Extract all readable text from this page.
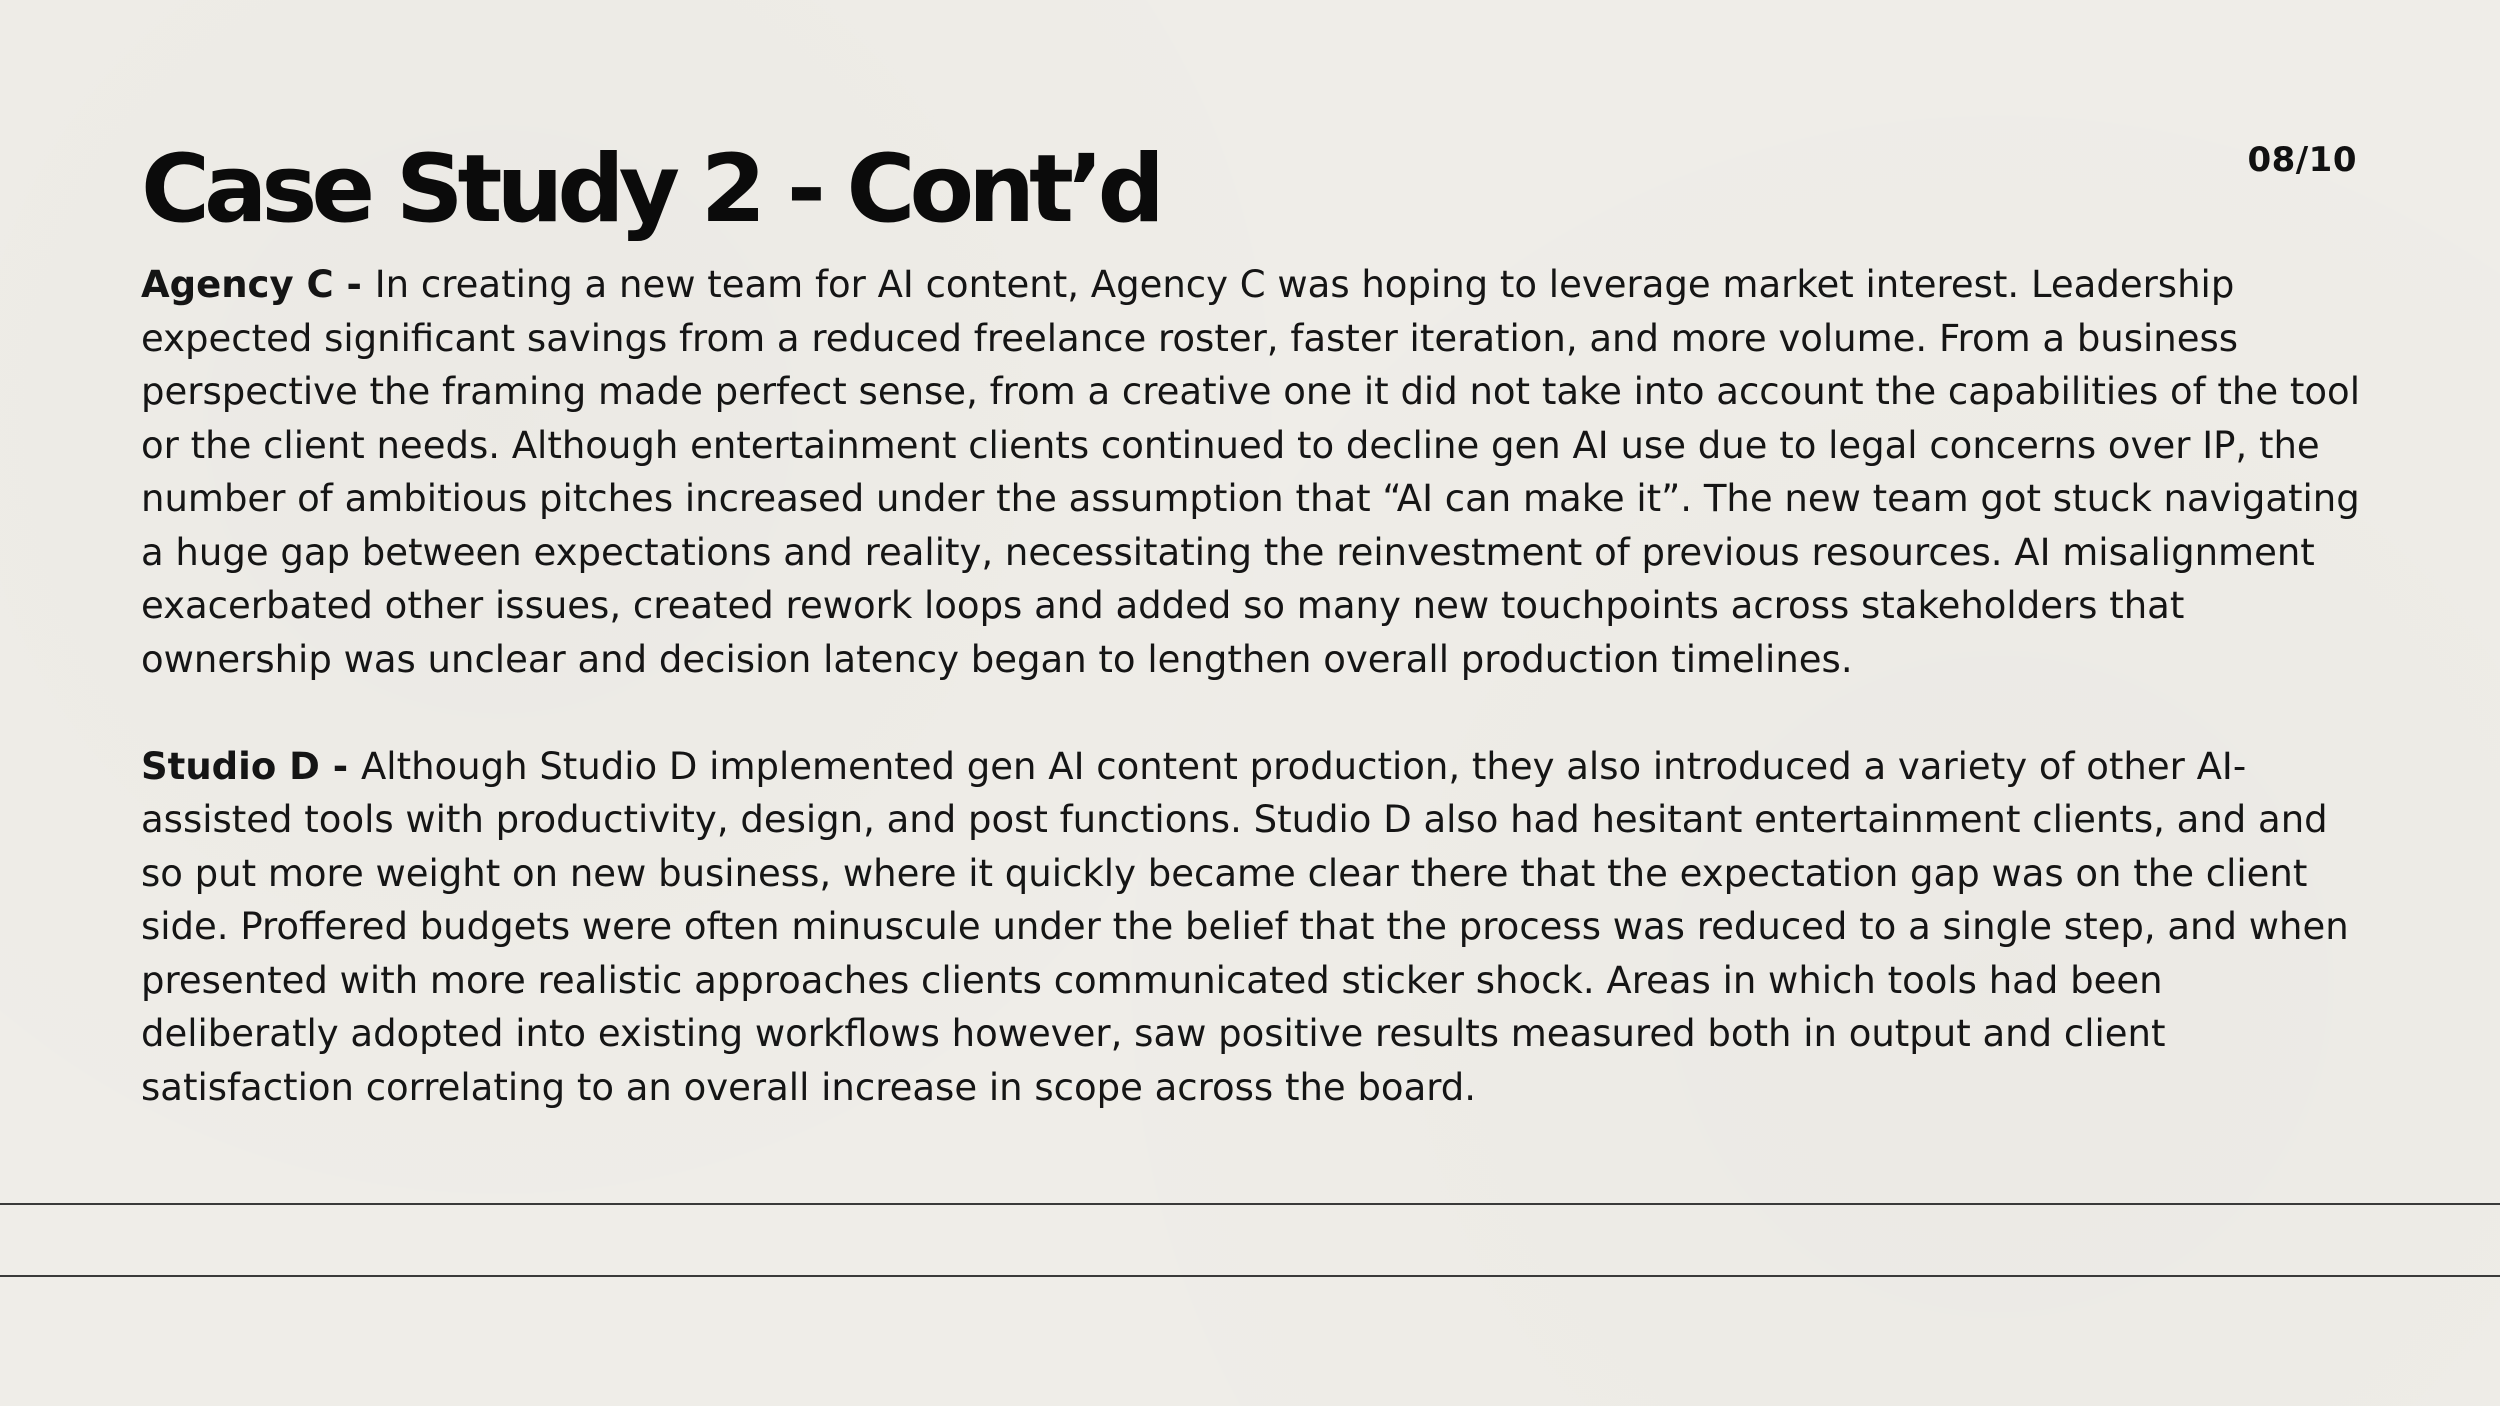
Case Study 2 - Cont’d	08/10

Agency C - In creating a new team for AI content, Agency C was hoping to leverage market interest. Leadership expected significant savings from a reduced freelance roster, faster iteration, and more volume. From a business perspective the framing made perfect sense, from a creative one it did not take into account the capabilities of the tool or the client needs. Although entertainment clients continued to decline gen AI use due to legal concerns over IP, the number of ambitious pitches increased under the assumption that “AI can make it”. The new team got stuck navigating a huge gap between expectations and reality, necessitating the reinvestment of previous resources. AI misalignment exacerbated other issues, created rework loops and added so many new touchpoints across stakeholders that ownership was unclear and decision latency began to lengthen overall production timelines.

Studio D - Although Studio D implemented gen AI content production, they also introduced a variety of other AI-assisted tools with productivity, design, and post functions. Studio D also had hesitant entertainment clients, and and so put more weight on new business, where it quickly became clear there that the expectation gap was on the client side. Proffered budgets were often minuscule under the belief that the process was reduced to a single step, and when presented with more realistic approaches clients communicated sticker shock. Areas in which tools had been deliberatly adopted into existing workflows however, saw positive results measured both in output and client satisfaction correlating to an overall increase in scope across the board.
